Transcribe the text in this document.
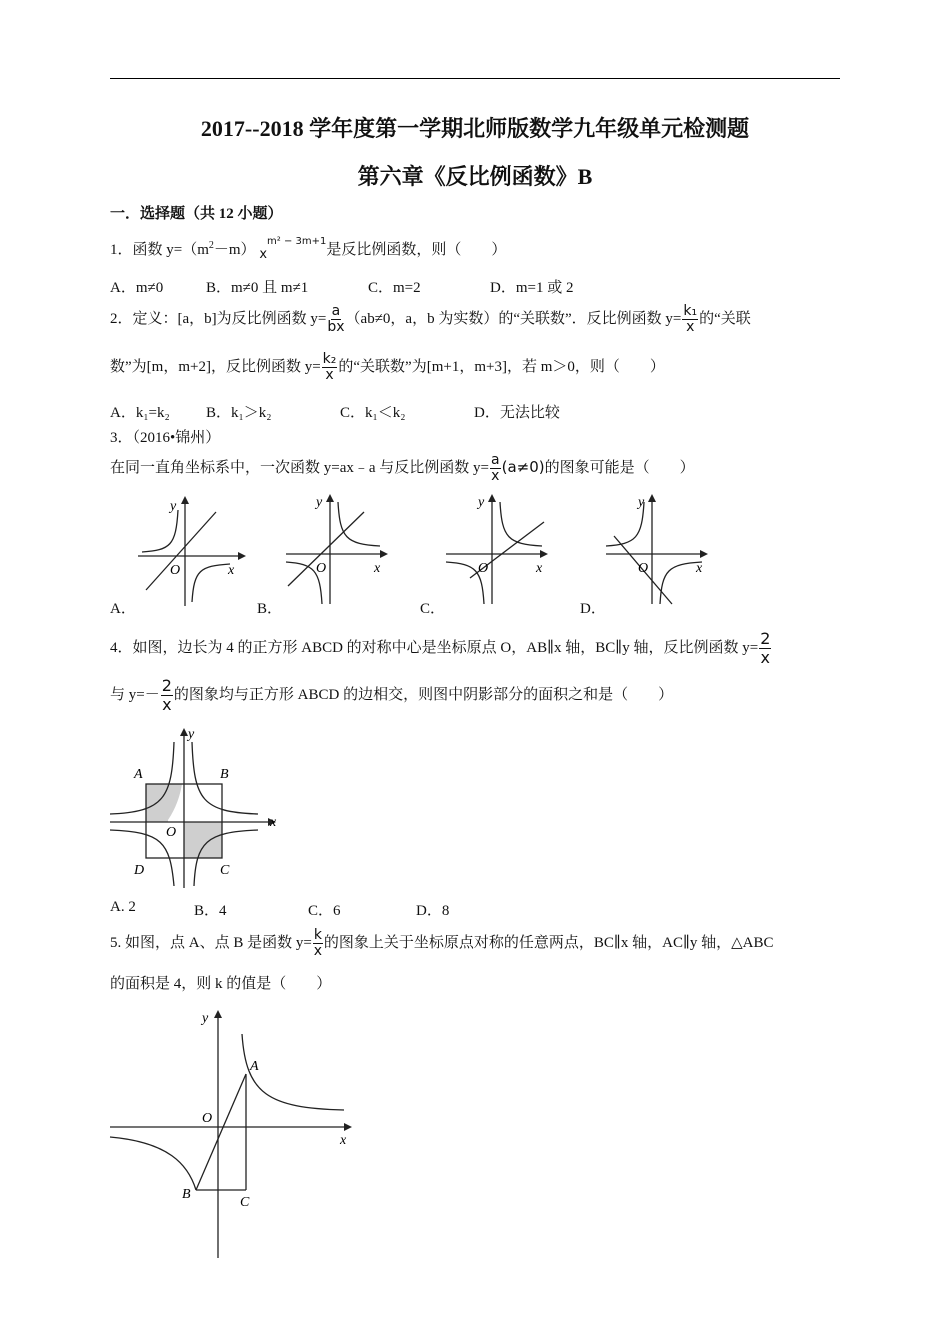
2017--2018 学年度第一学期北师版数学九年级单元检测题
第六章《反比例函数》B
一．选择题（共 12 小题）
1．函数 $y=(m^2-m)$ $x^{m^2 - 3m+1}$是反比例函数，则（　　）
A．m≠0	B．m≠0 且 m≠1	C．m=2	D．m=1 或 2
2．定义：[a，b]为反比例函数 $y= \frac{a}{bx} (ab\ne 0$，a，b 为实数）的“关联数”．反比例函数 $y= \frac{\text{k₁}}{x}$ 的“关联
数”为[m，m+2]，反比例函数 $y= \frac{\text{k₂}}{x}$ 的“关联数”为[m+1，m+3]，若 m＞0，则（　　）
A．k₁=k₂ B．k₁＞k₂	C．k₁＜k₂	D．无法比较
3．（2016•锦州）
在同一直角坐标系中，一次函数 y=ax﹣a 与反比例函数 $y= \frac{a}{x} (a\ne 0)$的图象可能是（　　）
y
x
O
A．
y
x
O
B．
y
x
O
C．
y
x
O
D．
4．如图，边长为 4 的正方形 ABCD 的对称中心是坐标原点 O，AB∥x 轴，BC∥y 轴，反比例函数 $y= \frac{2}{x}$
与 $y=- \frac{2}{x}$ 的图象均与正方形 ABCD 的边相交，则图中阴影部分的面积之和是（　　）
A	B
C
D
O
x
y
A. 2	B．4	C．6	D．8
5. 如图，点 A、点 B 是函数 $y= \frac{k}{x}$ 的图象上关于坐标原点对称的任意两点，BC∥x 轴，AC∥y 轴，△ABC
的面积是 4，则 k 的值是（　　）
A
B
C
O
x
y
